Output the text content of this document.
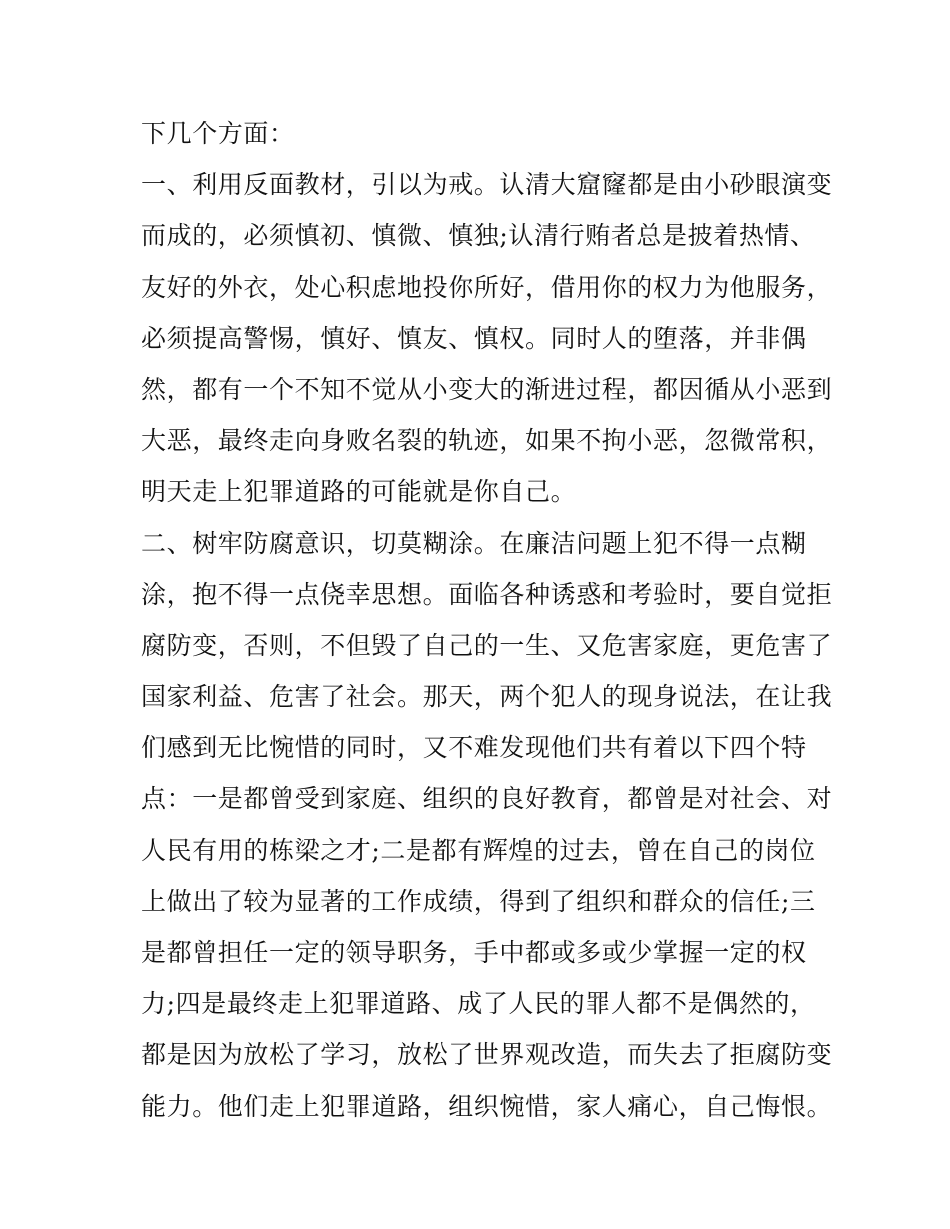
下几个方面：
一、利用反面教材，引以为戒。认清大窟窿都是由小砂眼演变
而成的，必须慎初、慎微、慎独;认清行贿者总是披着热情、
友好的外衣，处心积虑地投你所好，借用你的权力为他服务，
必须提高警惕，慎好、慎友、慎权。同时人的堕落，并非偶
然，都有一个不知不觉从小变大的渐进过程，都因循从小恶到
大恶，最终走向身败名裂的轨迹，如果不拘小恶，忽微常积，
明天走上犯罪道路的可能就是你自己。
二、树牢防腐意识，切莫糊涂。在廉洁问题上犯不得一点糊
涂，抱不得一点侥幸思想。面临各种诱惑和考验时，要自觉拒
腐防变，否则，不但毁了自己的一生、又危害家庭，更危害了
国家利益、危害了社会。那天，两个犯人的现身说法，在让我
们感到无比惋惜的同时，又不难发现他们共有着以下四个特
点：一是都曾受到家庭、组织的良好教育，都曾是对社会、对
人民有用的栋梁之才;二是都有辉煌的过去，曾在自己的岗位
上做出了较为显著的工作成绩，得到了组织和群众的信任;三
是都曾担任一定的领导职务，手中都或多或少掌握一定的权
力;四是最终走上犯罪道路、成了人民的罪人都不是偶然的，
都是因为放松了学习，放松了世界观改造，而失去了拒腐防变
能力。他们走上犯罪道路，组织惋惜，家人痛心，自己悔恨。
